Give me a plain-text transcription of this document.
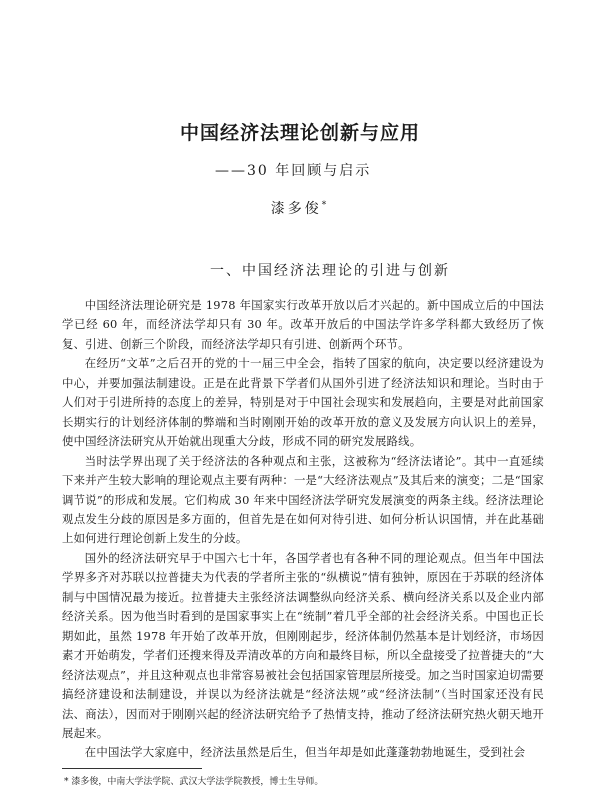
中国经济法理论创新与应用
——30 年回顾与启示
漆多俊*
一、中国经济法理论的引进与创新

中国经济法理论研究是 1978 年国家实行改革开放以后才兴起的。新中国成立后的中国法学已经 60 年，而经济法学却只有 30 年。改革开放后的中国法学许多学科都大致经历了恢复、引进、创新三个阶段，而经济法学却只有引进、创新两个环节。

在经历“文革”之后召开的党的十一届三中全会，指转了国家的航向，决定要以经济建设为中心，并要加强法制建设。正是在此背景下学者们从国外引进了经济法知识和理论。当时由于人们对于引进所持的态度上的差异，特别是对于中国社会现实和发展趋向，主要是对此前国家长期实行的计划经济体制的弊端和当时刚刚开始的改革开放的意义及发展方向认识上的差异，使中国经济法研究从开始就出现重大分歧，形成不同的研究发展路线。

当时法学界出现了关于经济法的各种观点和主张，这被称为“经济法诸论”。其中一直延续下来并产生较大影响的理论观点主要有两种：一是“大经济法观点”及其后来的演变；二是“国家调节说”的形成和发展。它们构成 30 年来中国经济法学研究发展演变的两条主线。经济法理论观点发生分歧的原因是多方面的，但首先是在如何对待引进、如何分析认识国情，并在此基础上如何进行理论创新上发生的分歧。

国外的经济法研究早于中国六七十年，各国学者也有各种不同的理论观点。但当年中国法学界多齐对苏联以拉普捷夫为代表的学者所主张的“纵横说”情有独钟，原因在于苏联的经济体制与中国情况最为接近。拉普捷夫主张经济法调整纵向经济关系、横向经济关系以及企业内部经济关系。因为他当时看到的是国家事实上在“统制”着几乎全部的社会经济关系。中国也正长期如此，虽然 1978 年开始了改革开放，但刚刚起步，经济体制仍然基本是计划经济，市场因素才开始萌发，学者们还搜来得及弄清改革的方向和最终目标，所以全盘接受了拉普捷夫的“大经济法观点”，并且这种观点也非常容易被社会包括国家管理层所接受。加之当时国家迫切需要搞经济建设和法制建设，并误以为经济法就是“经济法规”或“经济法制”（当时国家还没有民法、商法），因而对于刚刚兴起的经济法研究给予了热情支持，推动了经济法研究热火朝天地开展起来。

在中国法学大家庭中，经济法虽然是后生，但当年却是如此蓬蓬勃勃地诞生，受到社会

* 漆多俊，中南大学法学院、武汉大学法学院教授，博士生导师。
